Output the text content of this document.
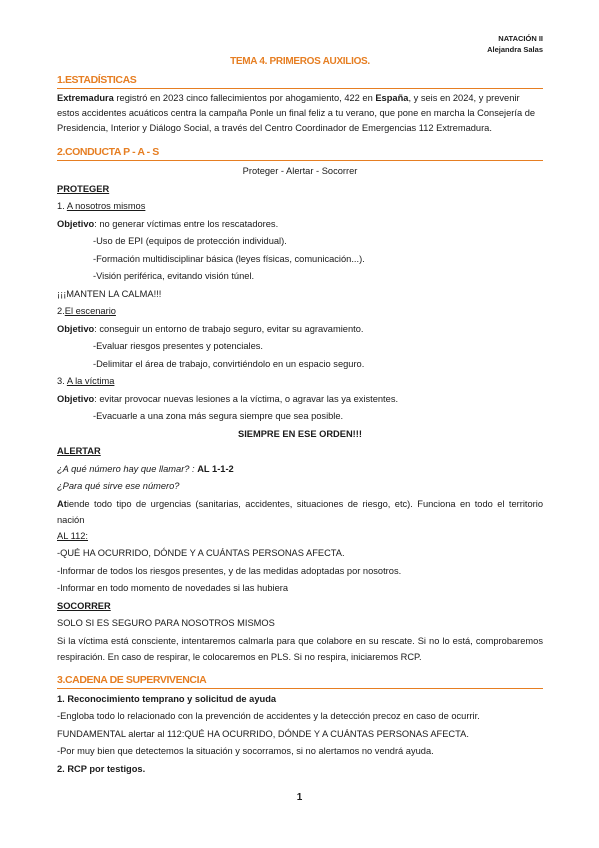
NATACIÓN II
Alejandra Salas
TEMA 4. PRIMEROS AUXILIOS.
1.ESTADÍSTICAS
Extremadura registró en 2023 cinco fallecimientos por ahogamiento, 422 en España, y seis en 2024, y prevenir estos accidentes acuáticos centra la campaña Ponle un final feliz a tu verano, que pone en marcha la Consejería de Presidencia, Interior y Diálogo Social, a través del Centro Coordinador de Emergencias 112 Extremadura.
2.CONDUCTA P - A - S
Proteger - Alertar - Socorrer
PROTEGER
1. A nosotros mismos
Objetivo: no generar víctimas entre los rescatadores.
-Uso de EPI (equipos de protección individual).
-Formación multidisciplinar básica (leyes físicas, comunicación...).
-Visión periférica, evitando visión túnel.
¡¡¡MANTEN LA CALMA!!!
2.El escenario
Objetivo: conseguir un entorno de trabajo seguro, evitar su agravamiento.
-Evaluar riesgos presentes y potenciales.
-Delimitar el área de trabajo, convirtiéndolo en un espacio seguro.
3. A la víctima
Objetivo: evitar provocar nuevas lesiones a la víctima, o agravar las ya existentes.
-Evacuarle a una zona más segura siempre que sea posible.
SIEMPRE EN ESE ORDEN!!!
ALERTAR
¿A qué número hay que llamar? : AL 1-1-2
¿Para qué sirve ese número?
Atiende todo tipo de urgencias (sanitarias, accidentes, situaciones de riesgo, etc). Funciona en todo el territorio nación
AL 112:
-QUÉ HA OCURRIDO, DÓNDE Y A CUÁNTAS PERSONAS AFECTA.
-Informar de todos los riesgos presentes, y de las medidas adoptadas por nosotros.
-Informar en todo momento de novedades si las hubiera
SOCORRER
SOLO SI ES SEGURO PARA NOSOTROS MISMOS
Si la víctima está consciente, intentaremos calmarla para que colabore en su rescate. Si no lo está, comprobaremos respiración. En caso de respirar, le colocaremos en PLS. Si no respira, iniciaremos RCP.
3.CADENA DE SUPERVIVENCIA
1. Reconocimiento temprano y solicitud de ayuda
-Engloba todo lo relacionado con la prevención de accidentes y la detección precoz en caso de ocurrir.
FUNDAMENTAL alertar al 112:QUÉ HA OCURRIDO, DÓNDE Y A CUÁNTAS PERSONAS AFECTA.
-Por muy bien que detectemos la situación y socorramos, si no alertamos no vendrá ayuda.
2. RCP por testigos.
1
